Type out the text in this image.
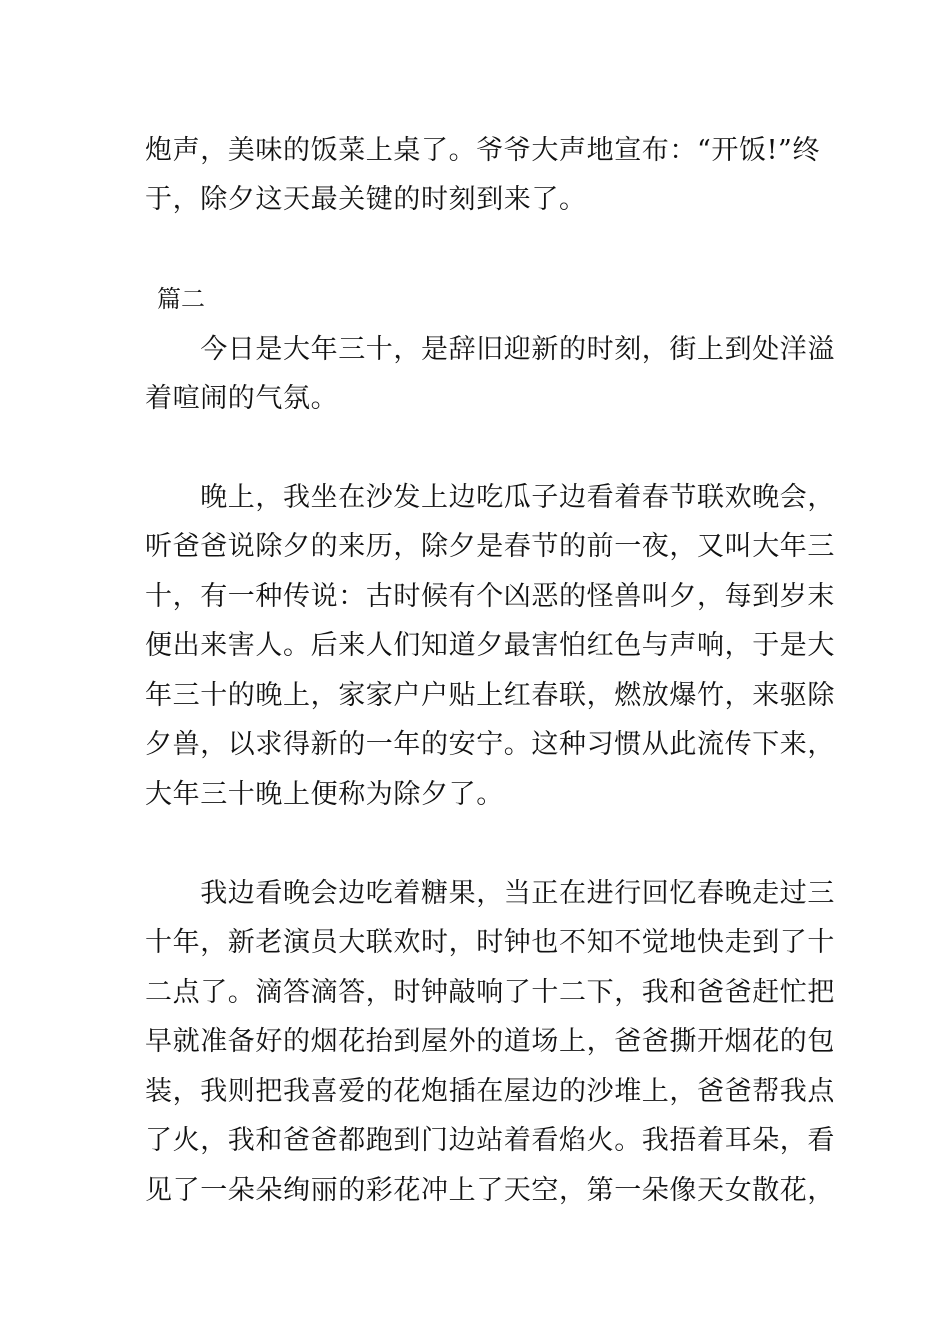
炮声，美味的饭菜上桌了。爷爷大声地宣布：“开饭!”终
于，除夕这天最关键的时刻到来了。
篇二
　　今日是大年三十，是辞旧迎新的时刻，街上到处洋溢
着喧闹的气氛。
　　晚上，我坐在沙发上边吃瓜子边看着春节联欢晚会，
听爸爸说除夕的来历，除夕是春节的前一夜，又叫大年三
十，有一种传说：古时候有个凶恶的怪兽叫夕，每到岁末
便出来害人。后来人们知道夕最害怕红色与声响，于是大
年三十的晚上，家家户户贴上红春联，燃放爆竹，来驱除
夕兽，以求得新的一年的安宁。这种习惯从此流传下来，
大年三十晚上便称为除夕了。
　　我边看晚会边吃着糖果，当正在进行回忆春晚走过三
十年，新老演员大联欢时，时钟也不知不觉地快走到了十
二点了。滴答滴答，时钟敲响了十二下，我和爸爸赶忙把
早就准备好的烟花抬到屋外的道场上，爸爸撕开烟花的包
装，我则把我喜爱的花炮插在屋边的沙堆上，爸爸帮我点
了火，我和爸爸都跑到门边站着看焰火。我捂着耳朵，看
见了一朵朵绚丽的彩花冲上了天空，第一朵像天女散花，
